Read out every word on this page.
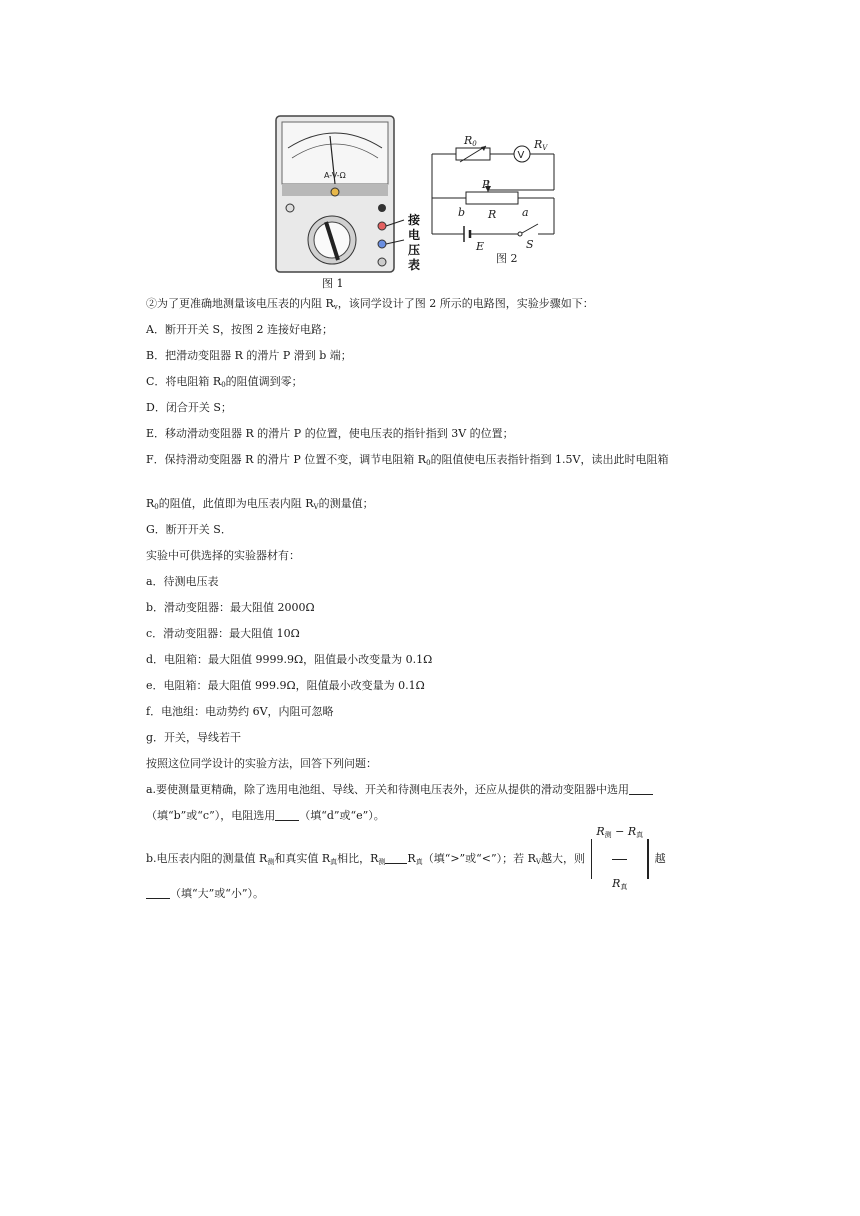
A-V-Ω
接
电
压
表
图 1
V
R0	RV
P
b R a
E	S
图 2
②为了更准确地测量该电压表的内阻 $R_v$，该同学设计了图 2 所示的电路图，实验步骤如下：
A．断开开关 S，按图 2 连接好电路；
B．把滑动变阻器 R 的滑片 P 滑到 b 端；
C．将电阻箱 $R_0$的阻值调到零；
D．闭合开关 S；
E．移动滑动变阻器 R 的滑片 P 的位置，使电压表的指针指到 3V 的位置；
F．保持滑动变阻器 R 的滑片 P 位置不变，调节电阻箱 $R_0$的阻值使电压表指针指到 1.5V，读出此时电阻箱
$R_0$的阻值，此值即为电压表内阻 $R_V$的测量值；
G．断开开关 S．
实验中可供选择的实验器材有：
a．待测电压表
b．滑动变阻器：最大阻值 2000Ω
c．滑动变阻器：最大阻值 10Ω
d．电阻箱：最大阻值 9999.9Ω，阻值最小改变量为 0.1Ω
e．电阻箱：最大阻值 999.9Ω，阻值最小改变量为 0.1Ω
f．电池组：电动势约 6V，内阻可忽略
g．开关，导线若干
按照这位同学设计的实验方法，回答下列问题：
a.要使测量更精确，除了选用电池组、导线、开关和待测电压表外，还应从提供的滑动变阻器中选用
（填“b”或“c”），电阻选用 （填“d”或“e”）。
b.电压表内阻的测量值 $R_测$和真实值 $R_真$相比，$R_测$ $R_真$（填“>”或“<”）；若 $R_V$越大，则 $\frac{\text{R测 − R真}}{\text{R真}}$ 越
（填“大”或“小”）。
